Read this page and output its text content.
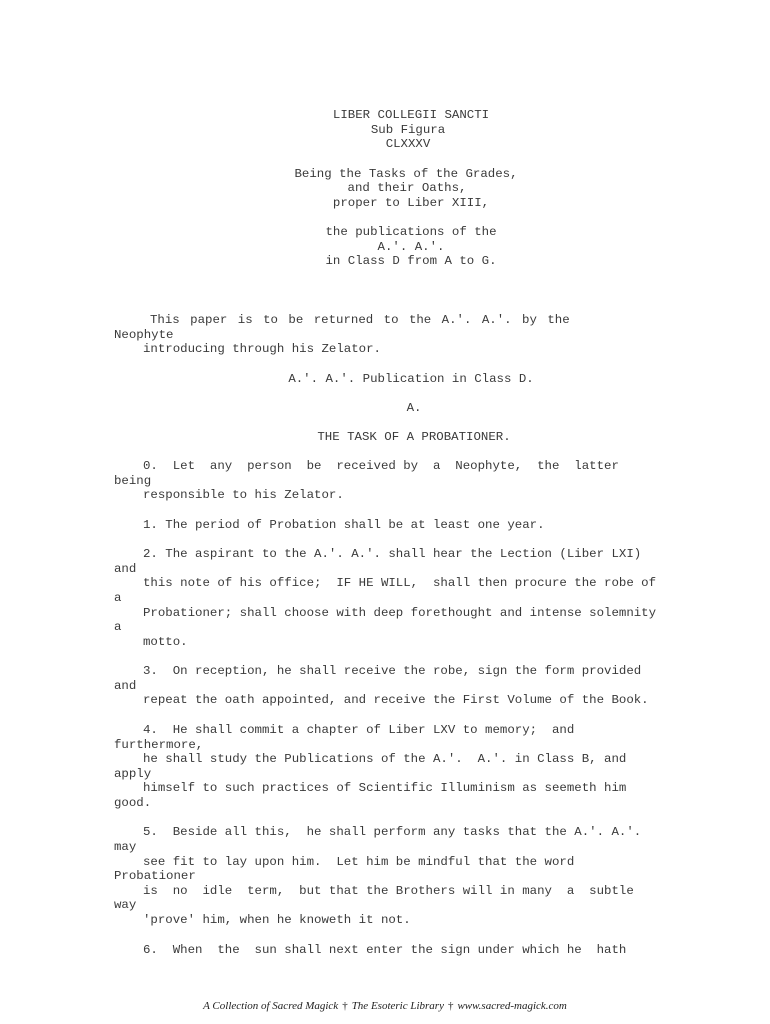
LIBER COLLEGII SANCTI
Sub Figura
CLXXXV
Being the Tasks of the Grades,
and their Oaths,
proper to Liber XIII,
the publications of the
A.'. A.'.
in Class D from A to G.
This paper is to be returned to the A.'. A.'. by the
Neophyte
introducing through his Zelator.
A.'. A.'. Publication in Class D.
A.
THE TASK OF A PROBATIONER.
0.  Let  any  person  be  received by  a  Neophyte,  the  latter
being
responsible to his Zelator.
1. The period of Probation shall be at least one year.
2. The aspirant to the A.'. A.'. shall hear the Lection (Liber LXI)
and
this note of his office;  IF HE WILL,  shall then procure the robe of
a
Probationer; shall choose with deep forethought and intense solemnity
a
motto.
3.  On reception, he shall receive the robe, sign the form provided
and
repeat the oath appointed, and receive the First Volume of the Book.
4.  He shall commit a chapter of Liber LXV to memory;  and
furthermore,
he shall study the Publications of the A.'.  A.'. in Class B, and
apply
himself to such practices of Scientific Illuminism as seemeth him
good.
5.  Beside all this,  he shall perform any tasks that the A.'. A.'.
may
see fit to lay upon him.  Let him be mindful that the word
Probationer
is  no  idle  term,  but that the Brothers will in many  a  subtle
way
'prove' him, when he knoweth it not.
6.  When  the  sun shall next enter the sign under which he  hath
A Collection of Sacred Magick † The Esoteric Library † www.sacred-magick.com
